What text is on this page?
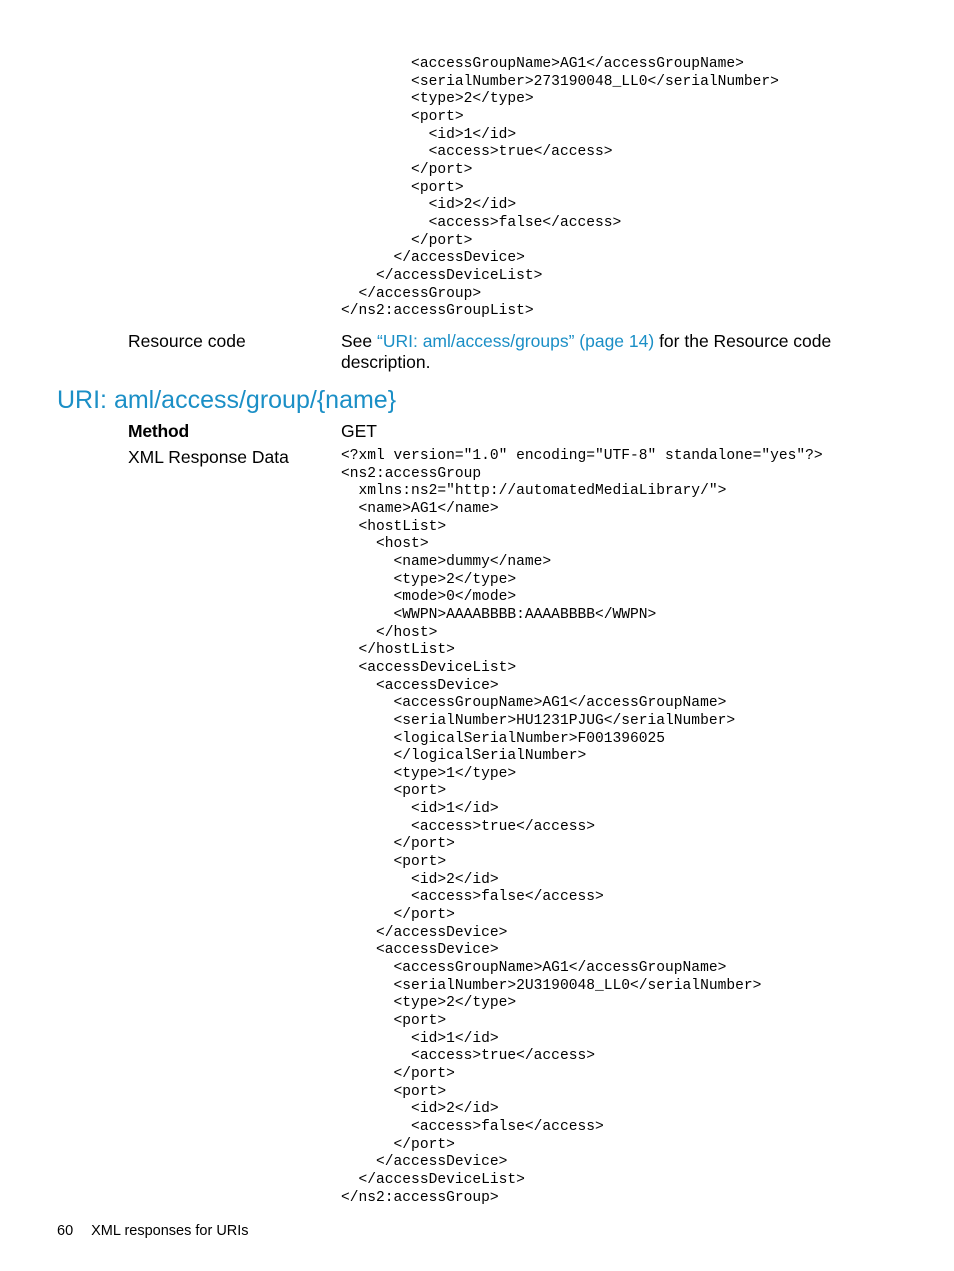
<accessGroupName>AG1</accessGroupName>
<serialNumber>273190048_LL0</serialNumber>
<type>2</type>
<port>
<id>1</id>
<access>true</access>
</port>
<port>
<id>2</id>
<access>false</access>
</port>
</accessDevice>
</accessDeviceList>
</accessGroup>
</ns2:accessGroupList>

Resource code	See “URI: aml/access/groups” (page 14) for the Resource code description.
URI: aml/access/group/{name}
Method	GET
XML Response Data	<?xml version="1.0" encoding="UTF-8" standalone="yes"?>
<ns2:accessGroup
xmlns:ns2="http://automatedMediaLibrary/">
<name>AG1</name>
<hostList>
<host>
<name>dummy</name>
<type>2</type>
<mode>0</mode>
<WWPN>AAAABBBB:AAAABBBB</WWPN>
</host>
</hostList>
<accessDeviceList>
<accessDevice>
<accessGroupName>AG1</accessGroupName>
<serialNumber>HU1231PJUG</serialNumber>
<logicalSerialNumber>F001396025
</logicalSerialNumber>
<type>1</type>
<port>
<id>1</id>
<access>true</access>
</port>
<port>
<id>2</id>
<access>false</access>
</port>
</accessDevice>
<accessDevice>
<accessGroupName>AG1</accessGroupName>
<serialNumber>2U3190048_LL0</serialNumber>
<type>2</type>
<port>
<id>1</id>
<access>true</access>
</port>
<port>
<id>2</id>
<access>false</access>
</port>
</accessDevice>
</accessDeviceList>
</ns2:accessGroup>

60 XML responses for URIs
